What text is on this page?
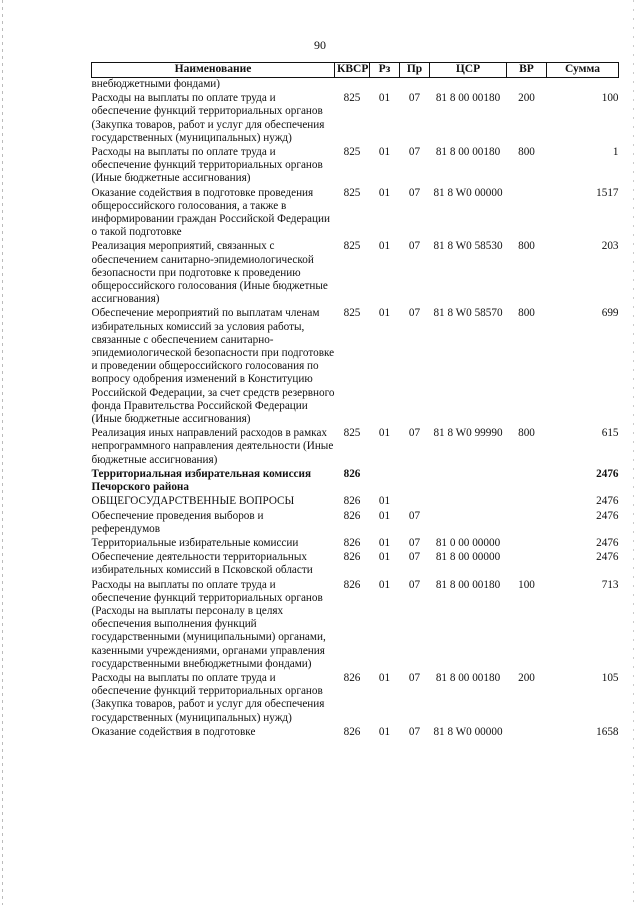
90
Наименование	КВСР	Рз	Пр	ЦСР	ВР	Сумма
внебюджетными фондами)						
Расходы на выплаты по оплате труда и обеспечение функций территориальных органов (Закупка товаров, работ и услуг для обеспечения государственных (муниципальных) нужд)	825	01	07	81 8 00 00180	200	100
Расходы на выплаты по оплате труда и обеспечение функций территориальных органов (Иные бюджетные ассигнования)	825	01	07	81 8 00 00180	800	1
Оказание содействия в подготовке проведения общероссийского голосования, а также в информировании граждан Российской Федерации о такой подготовке	825	01	07	81 8 W0 00000		1517
Реализация мероприятий, связанных с обеспечением санитарно-эпидемиологической безопасности при подготовке к проведению общероссийского голосования (Иные бюджетные ассигнования)	825	01	07	81 8 W0 58530	800	203
Обеспечение мероприятий по выплатам членам избирательных комиссий за условия работы, связанные с обеспечением санитарно-эпидемиологической безопасности при подготовке и проведении общероссийского голосования по вопросу одобрения изменений в Конституцию Российской Федерации, за счет средств резервного фонда Правительства Российской Федерации (Иные бюджетные ассигнования)	825	01	07	81 8 W0 58570	800	699
Реализация иных направлений расходов в рамках непрограммного направления деятельности (Иные бюджетные ассигнования)	825	01	07	81 8 W0 99990	800	615
Территориальная избирательная комиссия Печорского района	826					2476
ОБЩЕГОСУДАРСТВЕННЫЕ ВОПРОСЫ	826	01				2476
Обеспечение проведения выборов и референдумов	826	01	07			2476
Территориальные избирательные комиссии	826	01	07	81 0 00 00000		2476
Обеспечение деятельности территориальных избирательных комиссий в Псковской области	826	01	07	81 8 00 00000		2476
Расходы на выплаты по оплате труда и обеспечение функций территориальных органов (Расходы на выплаты персоналу в целях обеспечения выполнения функций государственными (муниципальными) органами, казенными учреждениями, органами управления государственными внебюджетными фондами)	826	01	07	81 8 00 00180	100	713
Расходы на выплаты по оплате труда и обеспечение функций территориальных органов (Закупка товаров, работ и услуг для обеспечения государственных (муниципальных) нужд)	826	01	07	81 8 00 00180	200	105
Оказание содействия в подготовке	826	01	07	81 8 W0 00000		1658
